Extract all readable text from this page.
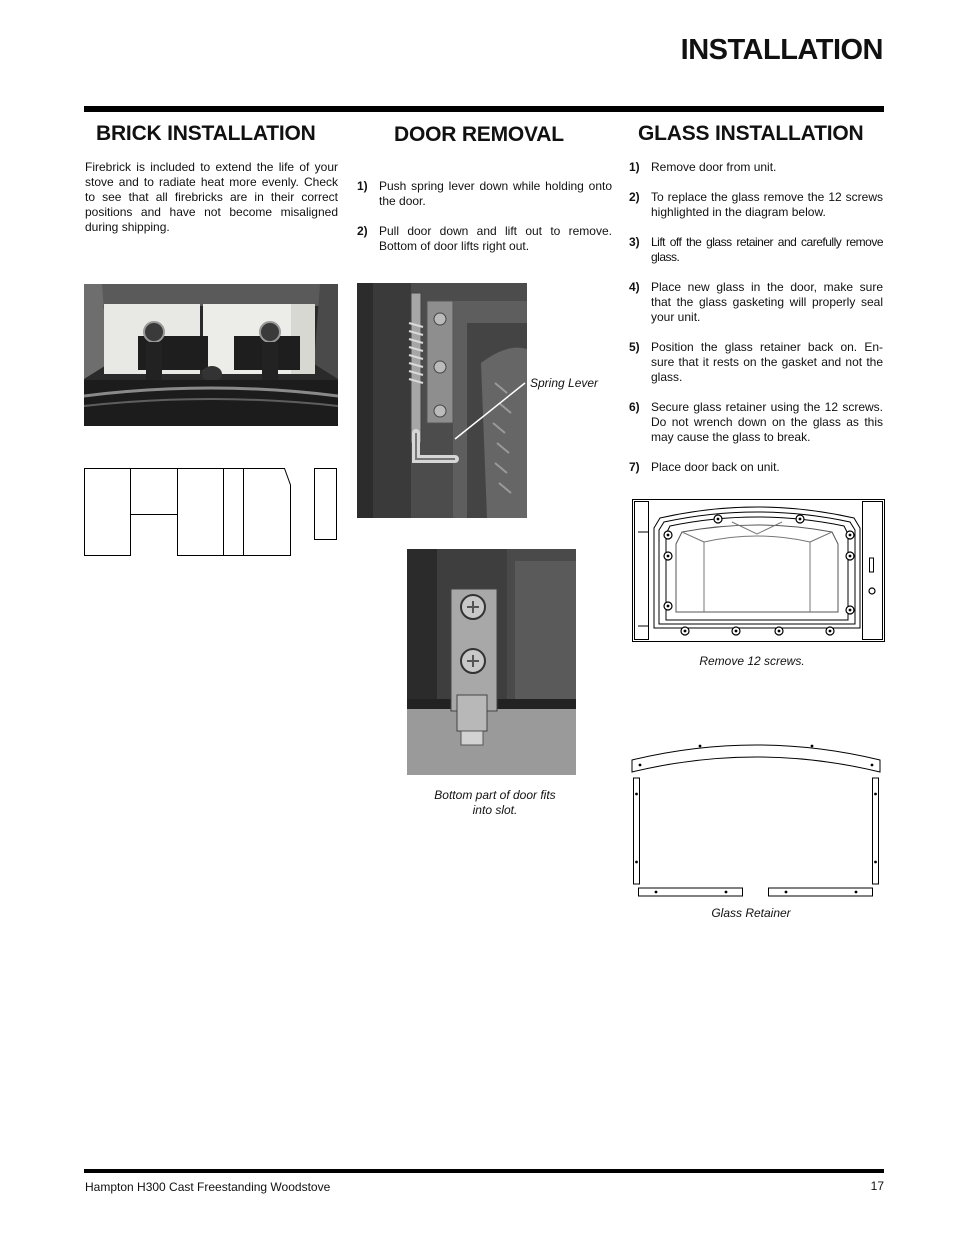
INSTALLATION
BRICK INSTALLATION
Firebrick is included to extend the life of your stove and to radiate heat more evenly. Check to see that all firebricks are in their correct positions and have not become misaligned during shipping.
DOOR REMOVAL
1) Push spring lever down while holding onto the door.
2) Pull door down and lift out to remove. Bottom of door lifts right out.
Spring Lever
Bottom part of door fits into slot.
GLASS INSTALLATION
1) Remove door from unit.
2) To replace the glass remove the 12 screws highlighted in the diagram below.
3) Lift off the glass retainer and carefully remove glass.
4) Place new glass in the door, make sure that the glass gasketing will properly seal your unit.
5) Position the glass retainer back on. En-sure that it rests on the gasket and not the glass.
6) Secure glass retainer using the 12 screws. Do not wrench down on the glass as this may cause the glass to break.
7) Place door back on unit.
Remove 12 screws.
Glass Retainer
Hampton H300 Cast Freestanding Woodstove	17
